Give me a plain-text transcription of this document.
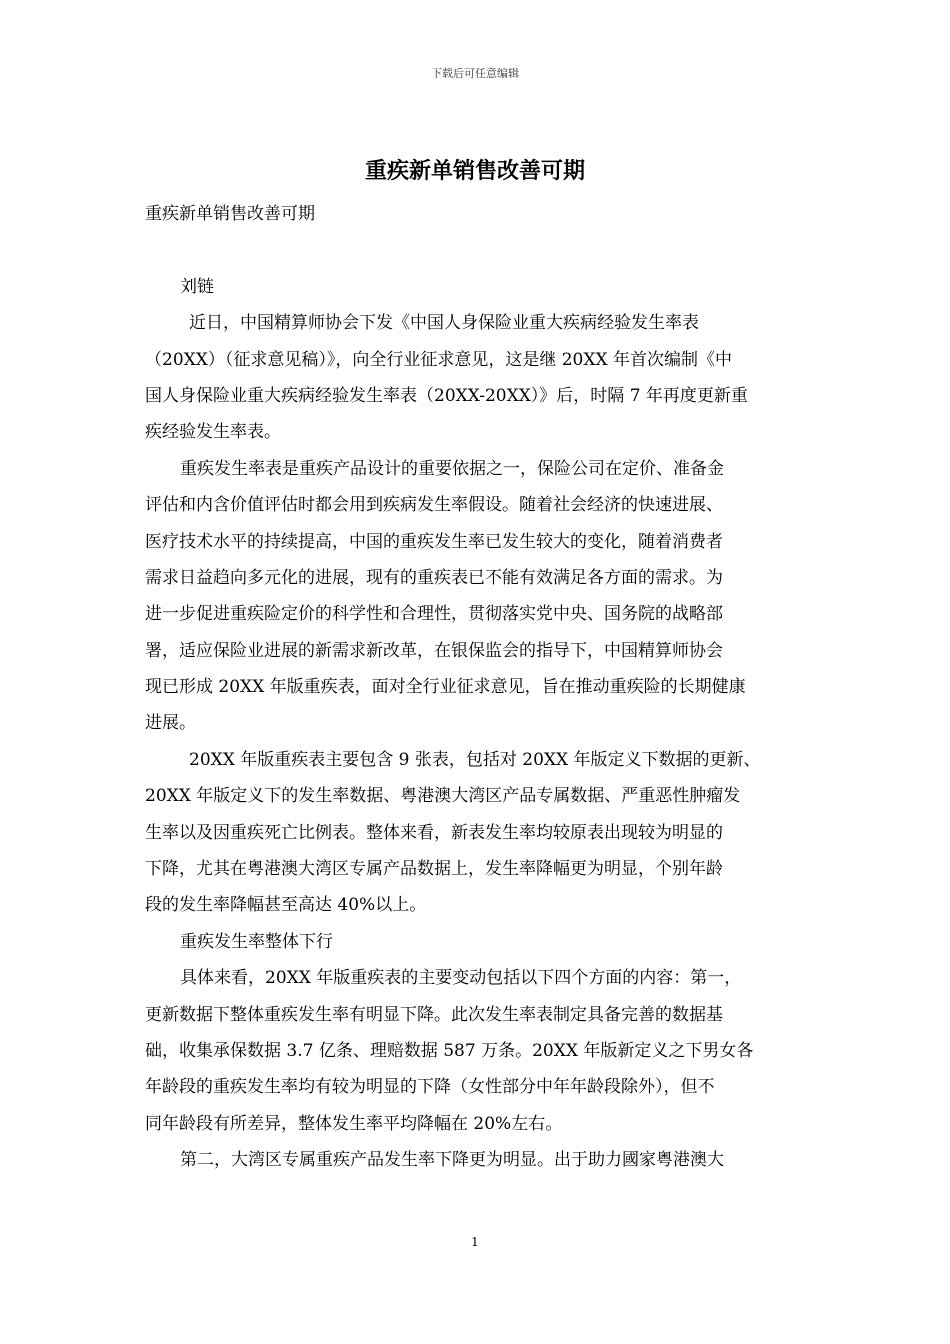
下载后可任意编辑
重疾新单销售改善可期
重疾新单销售改善可期
刘链
近日，中国精算师协会下发《中国人身保险业重大疾病经验发生率表
（20XX）（征求意见稿）》，向全行业征求意见，这是继 20XX 年首次编制《中
国人身保险业重大疾病经验发生率表（20XX-20XX）》后，时隔 7 年再度更新重
疾经验发生率表。
重疾发生率表是重疾产品设计的重要依据之一，保险公司在定价、准备金
评估和内含价值评估时都会用到疾病发生率假设。随着社会经济的快速进展、
医疗技术水平的持续提高，中国的重疾发生率已发生较大的变化，随着消费者
需求日益趋向多元化的进展，现有的重疾表已不能有效满足各方面的需求。为
进一步促进重疾险定价的科学性和合理性，贯彻落实党中央、国务院的战略部
署，适应保险业进展的新需求新改革，在银保监会的指导下，中国精算师协会
现已形成 20XX 年版重疾表，面对全行业征求意见，旨在推动重疾险的长期健康
进展。
20XX 年版重疾表主要包含 9 张表，包括对 20XX 年版定义下数据的更新、
20XX 年版定义下的发生率数据、粤港澳大湾区产品专属数据、严重恶性肿瘤发
生率以及因重疾死亡比例表。整体来看，新表发生率均较原表出现较为明显的
下降，尤其在粤港澳大湾区专属产品数据上，发生率降幅更为明显，个别年龄
段的发生率降幅甚至高达 40%以上。
重疾发生率整体下行
具体来看，20XX 年版重疾表的主要变动包括以下四个方面的内容：第一，
更新数据下整体重疾发生率有明显下降。此次发生率表制定具备完善的数据基
础，收集承保数据 3.7 亿条、理赔数据 587 万条。20XX 年版新定义之下男女各
年龄段的重疾发生率均有较为明显的下降（女性部分中年年龄段除外），但不
同年龄段有所差异，整体发生率平均降幅在 20%左右。
第二，大湾区专属重疾产品发生率下降更为明显。出于助力國家粤港澳大
1
